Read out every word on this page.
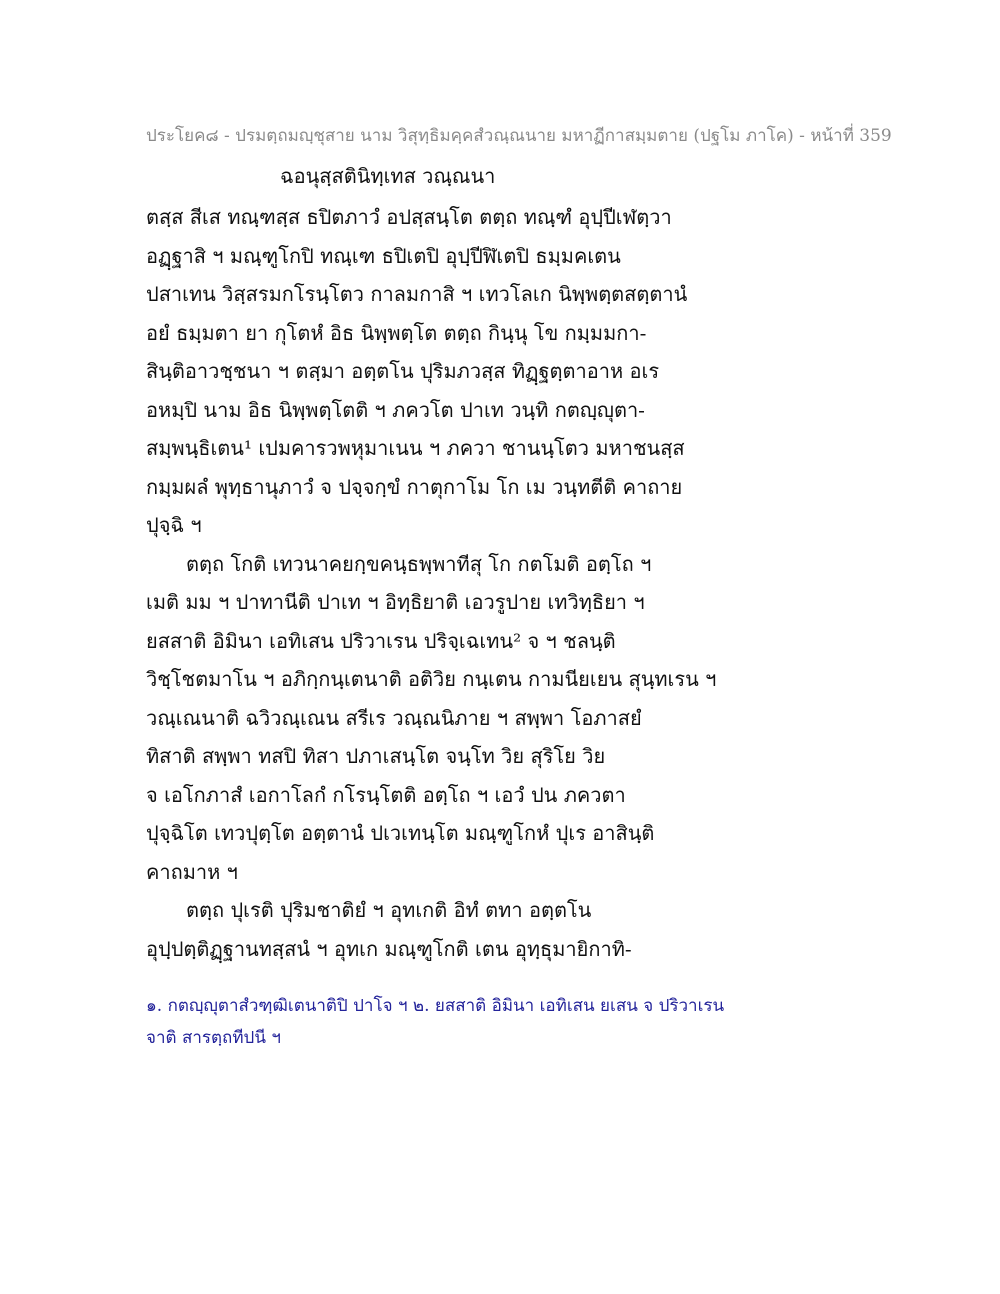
ประโยค๘ - ปรมตฺถมญฺชุสาย นาม วิสุทฺธิมคฺคสํวณฺณนาย มหาฏีกาสมฺมตาย (ปฐโม ภาโค) - หน้าที่ 359
ฉอนุสฺสตินิทฺเทส วณฺณนา
ตสฺส สีเส ทณฺฑสฺส ธปิตภาวํ อปสฺสนฺโต ตตฺถ ทณฺฑํ อุปฺปีเฬตฺวา
อฏฺฐาสิ ฯ มณฺฑูโกปิ ทณฺเฑ ธปิเตปิ อุปฺปีฬิเตปิ ธมฺมคเตน
ปสาเทน วิสฺสรมกโรนฺโตว กาลมกาสิ ฯ เทวโลเก นิพฺพตฺตสตฺตานํ
อยํ ธมฺมตา ยา กุโตหํ อิธ นิพฺพตฺโต ตตฺถ กินฺนุ โข กมฺมมกา-
สินฺติอาวชฺชนา ฯ ตสฺมา อตฺตโน ปุริมภวสฺส ทิฏฺฐตฺตาอาห อเร
อหมฺปิ นาม อิธ นิพฺพตฺโตติ ฯ ภควโต ปาเท วนฺทิ กตญฺญุตา-
สมฺพนฺธิเตน¹ เปมคารวพหุมาเนน ฯ ภควา ชานนฺโตว มหาชนสฺส
กมฺมผลํ พุทฺธานุภาวํ จ ปจฺจกฺขํ กาตุกาโม โก เม วนฺทตีติ คาถาย
ปุจฺฉิ ฯ
ตตฺถ โกติ เทวนาคยกฺขคนฺธพฺพาทีสุ โก กตโมติ อตฺโถ ฯ
เมติ มม ฯ ปาทานีติ ปาเท ฯ อิทฺธิยาติ เอวรูปาย เทวิทฺธิยา ฯ
ยสสาติ อิมินา เอทิเสน ปริวาเรน ปริจฺเฉเทน² จ ฯ ชลนฺติ
วิชฺโชตมาโน ฯ อภิกฺกนฺเตนาติ อติวิย กนฺเตน กามนียเยน สุนฺทเรน ฯ
วณฺเณนาติ ฉวิวณฺเณน สรีเร วณฺณนิภาย ฯ สพฺพา โอภาสยํ
ทิสาติ สพฺพา ทสปิ ทิสา ปภาเสนฺโต จนฺโท วิย สุริโย วิย
จ เอโกภาสํ เอกาโลกํ กโรนฺโตติ อตฺโถ ฯ เอวํ ปน ภควตา
ปุจฺฉิโต เทวปุตฺโต อตฺตานํ ปเวเทนฺโต มณฺฑูโกหํ ปุเร อาสินฺติ
คาถมาห ฯ
ตตฺถ ปุเรติ ปุริมชาติยํ ฯ อุทเกติ อิทํ ตทา อตฺตโน
อุปฺปตฺติฏฺฐานทสฺสนํ ฯ อุทเก มณฺฑูโกติ เตน อุทฺธุมายิกาทิ-
๑. กตญฺญุตาสํวฑฺฒิเตนาติปิ ปาโจ ฯ ๒. ยสสาติ อิมินา เอทิเสน ยเสน จ ปริวาเรน
จาติ สารตฺถทีปนี ฯ
